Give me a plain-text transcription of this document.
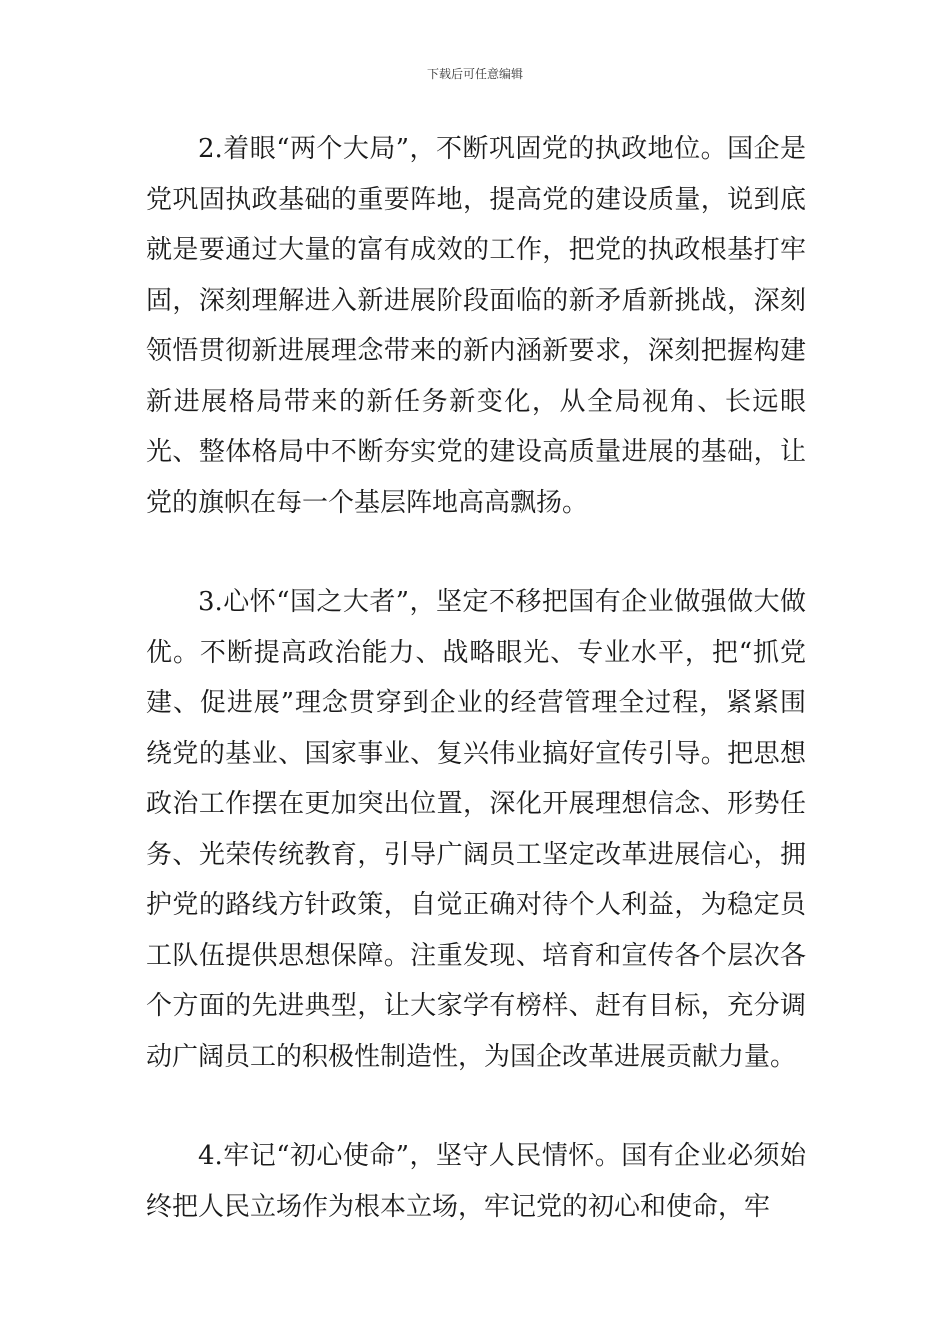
下载后可任意编辑

2.着眼“两个大局”，不断巩固党的执政地位。国企是党巩固执政基础的重要阵地，提高党的建设质量，说到底就是要通过大量的富有成效的工作，把党的执政根基打牢固，深刻理解进入新进展阶段面临的新矛盾新挑战，深刻领悟贯彻新进展理念带来的新内涵新要求，深刻把握构建新进展格局带来的新任务新变化，从全局视角、长远眼光、整体格局中不断夯实党的建设高质量进展的基础，让党的旗帜在每一个基层阵地高高飘扬。

3.心怀“国之大者”，坚定不移把国有企业做强做大做优。不断提高政治能力、战略眼光、专业水平，把“抓党建、促进展”理念贯穿到企业的经营管理全过程，紧紧围绕党的基业、国家事业、复兴伟业搞好宣传引导。把思想政治工作摆在更加突出位置，深化开展理想信念、形势任务、光荣传统教育，引导广阔员工坚定改革进展信心，拥护党的路线方针政策，自觉正确对待个人利益，为稳定员工队伍提供思想保障。注重发现、培育和宣传各个层次各个方面的先进典型，让大家学有榜样、赶有目标，充分调动广阔员工的积极性制造性，为国企改革进展贡献力量。

4.牢记“初心使命”，坚守人民情怀。国有企业必须始终把人民立场作为根本立场，牢记党的初心和使命，牢
